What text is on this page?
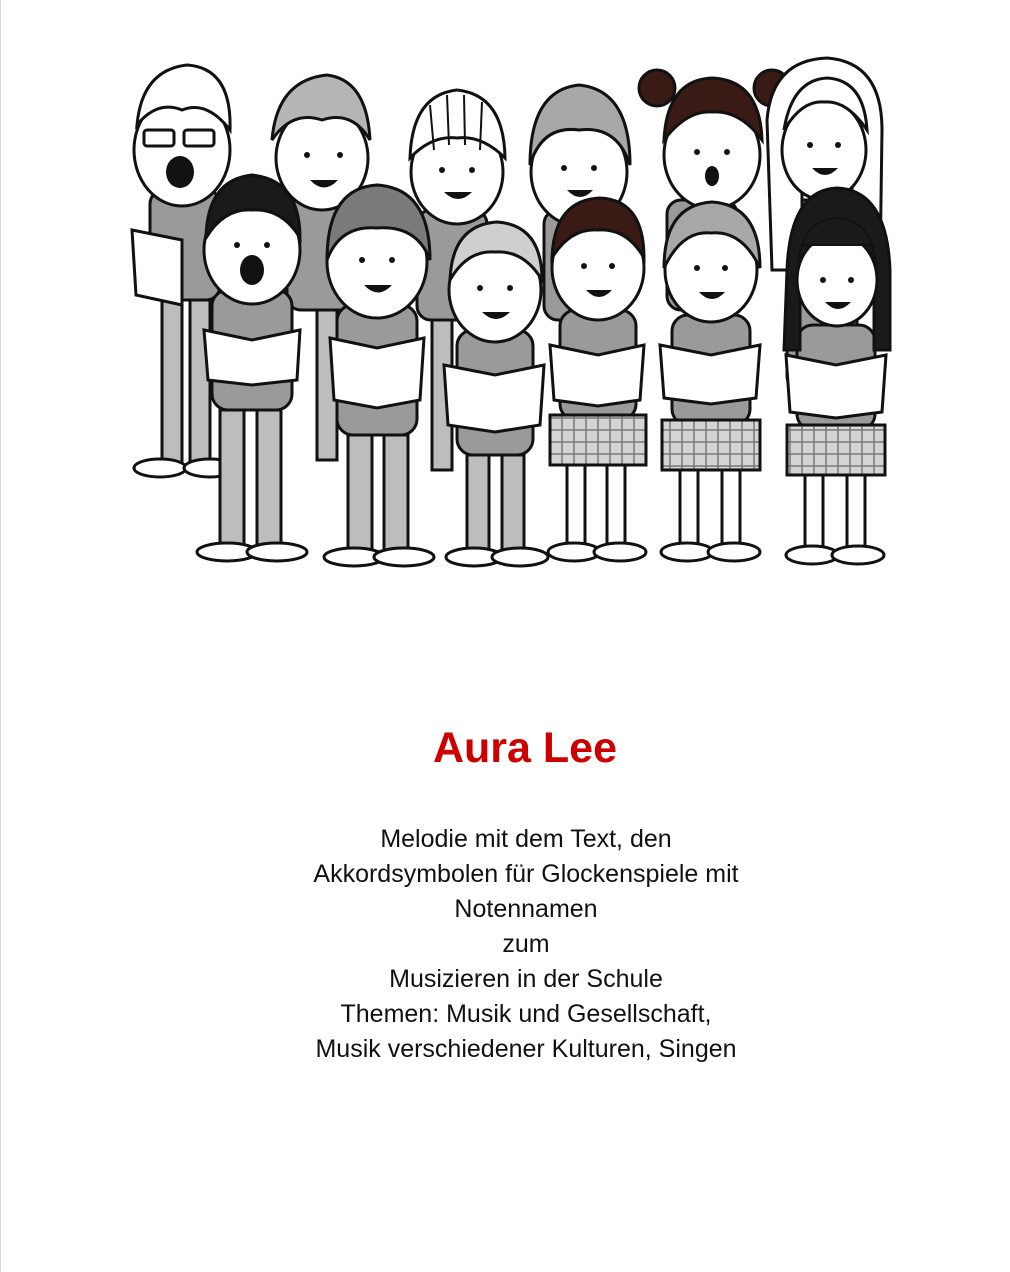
Aura Lee
Melodie mit dem Text, den
Akkordsymbolen für Glockenspiele mit
Notennamen
zum
Musizieren in der Schule
Themen: Musik und Gesellschaft,
Musik verschiedener Kulturen, Singen
